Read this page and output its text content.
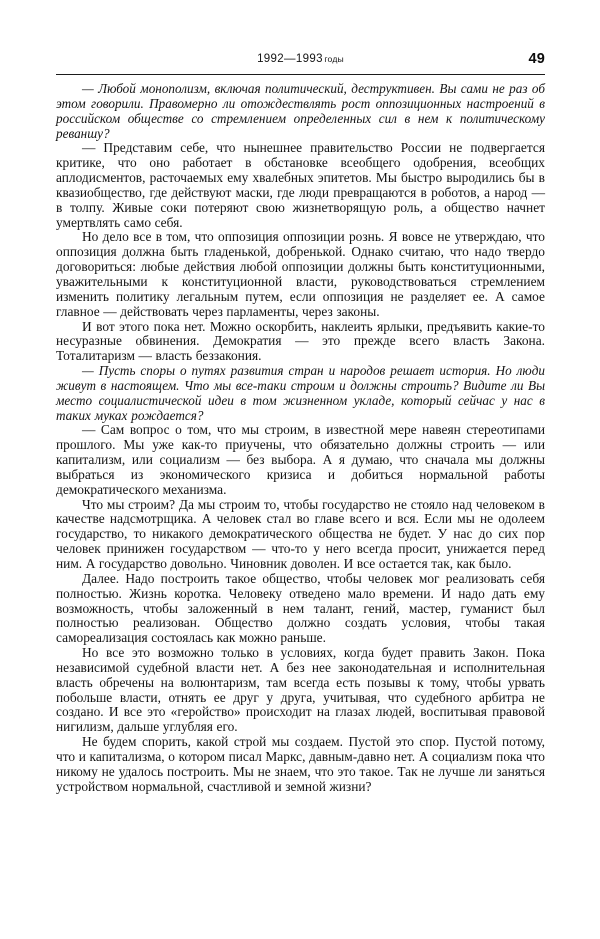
1992—1993 годы	49

— Любой монополизм, включая политический, деструктивен. Вы сами не раз об этом говорили. Правомерно ли отождествлять рост оппозиционных настроений в российском обществе со стремлением определенных сил в нем к политическому реваншу?

— Представим себе, что нынешнее правительство России не подвергается критике, что оно работает в обстановке всеобщего одобрения, всеобщих аплодисментов, расточаемых ему хвалебных эпитетов. Мы быстро выродились бы в квазиобщество, где действуют маски, где люди превращаются в роботов, а народ — в толпу. Живые соки потеряют свою жизнетворящую роль, а общество начнет умертвлять само себя.

Но дело все в том, что оппозиция оппозиции рознь. Я вовсе не утверждаю, что оппозиция должна быть гладенькой, добренькой. Однако считаю, что надо твердо договориться: любые действия любой оппозиции должны быть конституционными, уважительными к конституционной власти, руководствоваться стремлением изменить политику легальным путем, если оппозиция не разделяет ее. А самое главное — действовать через парламенты, через законы.

И вот этого пока нет. Можно оскорбить, наклеить ярлыки, предъявить какие-то несуразные обвинения. Демократия — это прежде всего власть Закона. Тоталитаризм — власть беззакония.

— Пусть споры о путях развития стран и народов решает история. Но люди живут в настоящем. Что мы все-таки строим и должны строить? Видите ли Вы место социалистической идеи в том жизненном укладе, который сейчас у нас в таких муках рождается?

— Сам вопрос о том, что мы строим, в известной мере навеян стереотипами прошлого. Мы уже как-то приучены, что обязательно должны строить — или капитализм, или социализм — без выбора. А я думаю, что сначала мы должны выбраться из экономического кризиса и добиться нормальной работы демократического механизма.

Что мы строим? Да мы строим то, чтобы государство не стояло над человеком в качестве надсмотрщика. А человек стал во главе всего и вся. Если мы не одолеем государство, то никакого демократического общества не будет. У нас до сих пор человек принижен государством — что-то у него всегда просит, унижается перед ним. А государство довольно. Чиновник доволен. И все остается так, как было.

Далее. Надо построить такое общество, чтобы человек мог реализовать себя полностью. Жизнь коротка. Человеку отведено мало времени. И надо дать ему возможность, чтобы заложенный в нем талант, гений, мастер, гуманист был полностью реализован. Общество должно создать условия, чтобы такая самореализация состоялась как можно раньше.

Но все это возможно только в условиях, когда будет править Закон. Пока независимой судебной власти нет. А без нее законодательная и исполнительная власть обречены на волюнтаризм, там всегда есть позывы к тому, чтобы урвать побольше власти, отнять ее друг у друга, учитывая, что судебного арбитра не создано. И все это «геройство» происходит на глазах людей, воспитывая правовой нигилизм, дальше углубляя его.

Не будем спорить, какой строй мы создаем. Пустой это спор. Пустой потому, что и капитализма, о котором писал Маркс, давным-давно нет. А социализм пока что никому не удалось построить. Мы не знаем, что это такое. Так не лучше ли заняться устройством нормальной, счастливой и земной жизни?
